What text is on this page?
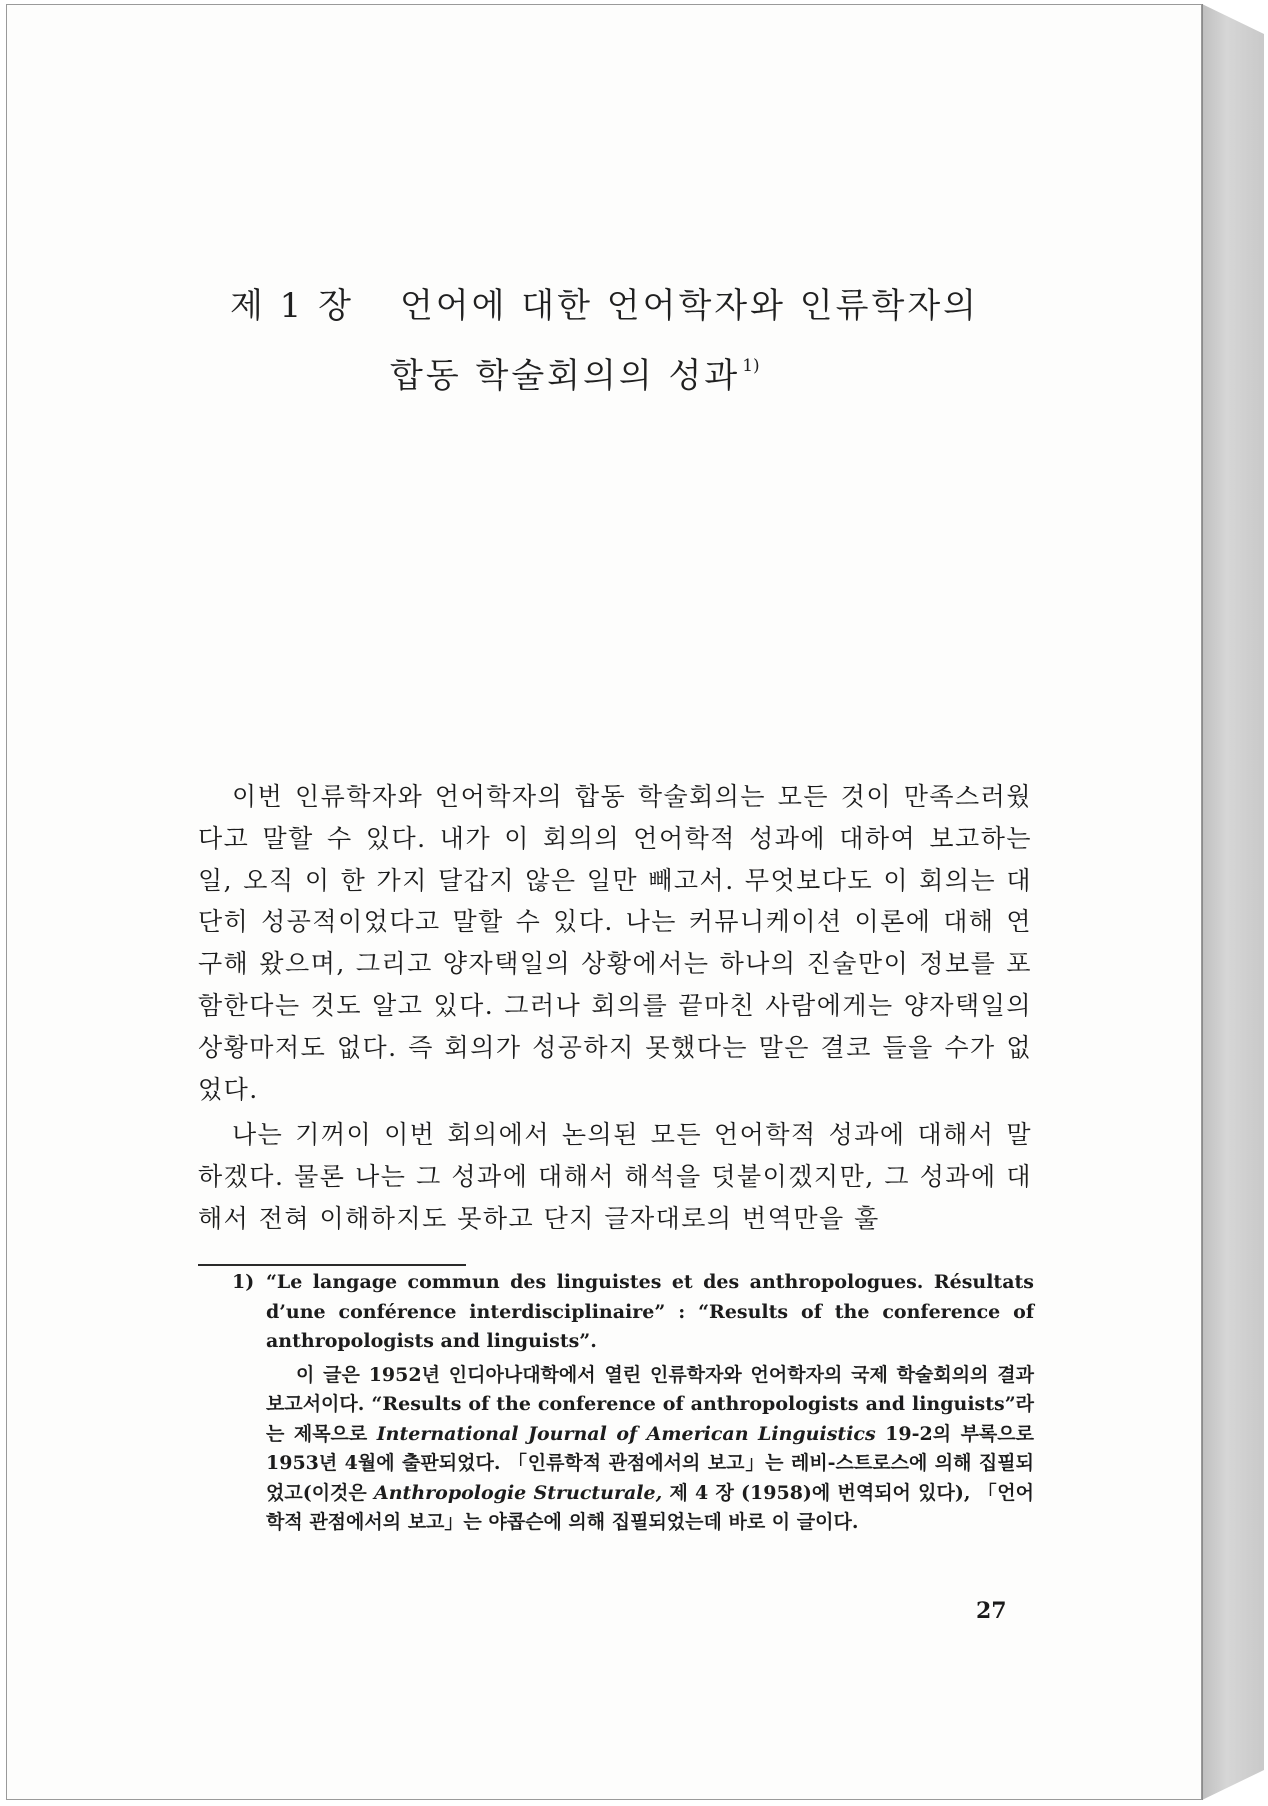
제 1 장 언어에 대한 언어학자와 인류학자의
합동 학술회의의 성과 $^{1)}$

이번 인류학자와 언어학자의 합동 학술회의는 모든 것이 만족스러웠다고 말할 수 있다. 내가 이 회의의 언어학적 성과에 대하여 보고하는 일, 오직 이 한 가지 달갑지 않은 일만 빼고서. 무엇보다도 이 회의는 대단히 성공적이었다고 말할 수 있다. 나는 커뮤니케이션 이론에 대해 연구해 왔으며, 그리고 양자택일의 상황에서는 하나의 진술만이 정보를 포함한다는 것도 알고 있다. 그러나 회의를 끝마친 사람에게는 양자택일의 상황마저도 없다. 즉 회의가 성공하지 못했다는 말은 결코 들을 수가 없었다.

나는 기꺼이 이번 회의에서 논의된 모든 언어학적 성과에 대해서 말하겠다. 물론 나는 그 성과에 대해서 해석을 덧붙이겠지만, 그 성과에 대해서 전혀 이해하지도 못하고 단지 글자대로의 번역만을 훌

1) “Le langage commun des linguistes et des anthropologues. Résultats d’une conférence interdisciplinaire” : “Results of the conference of anthropologists and linguists”.

이 글은 1952년 인디아나대학에서 열린 인류학자와 언어학자의 국제 학술회의의 결과 보고서이다. “Results of the conference of anthropologists and linguists”라는 제목으로 International Journal of American Linguistics 19-2의 부록으로 1953년 4월에 출판되었다. 「인류학적 관점에서의 보고」는 레비-스트로스에 의해 집필되었고(이것은 Anthropologie Structurale, 제 4 장 (1958)에 번역되어 있다), 「언어학적 관점에서의 보고」는 야콥슨에 의해 집필되었는데 바로 이 글이다.

27
